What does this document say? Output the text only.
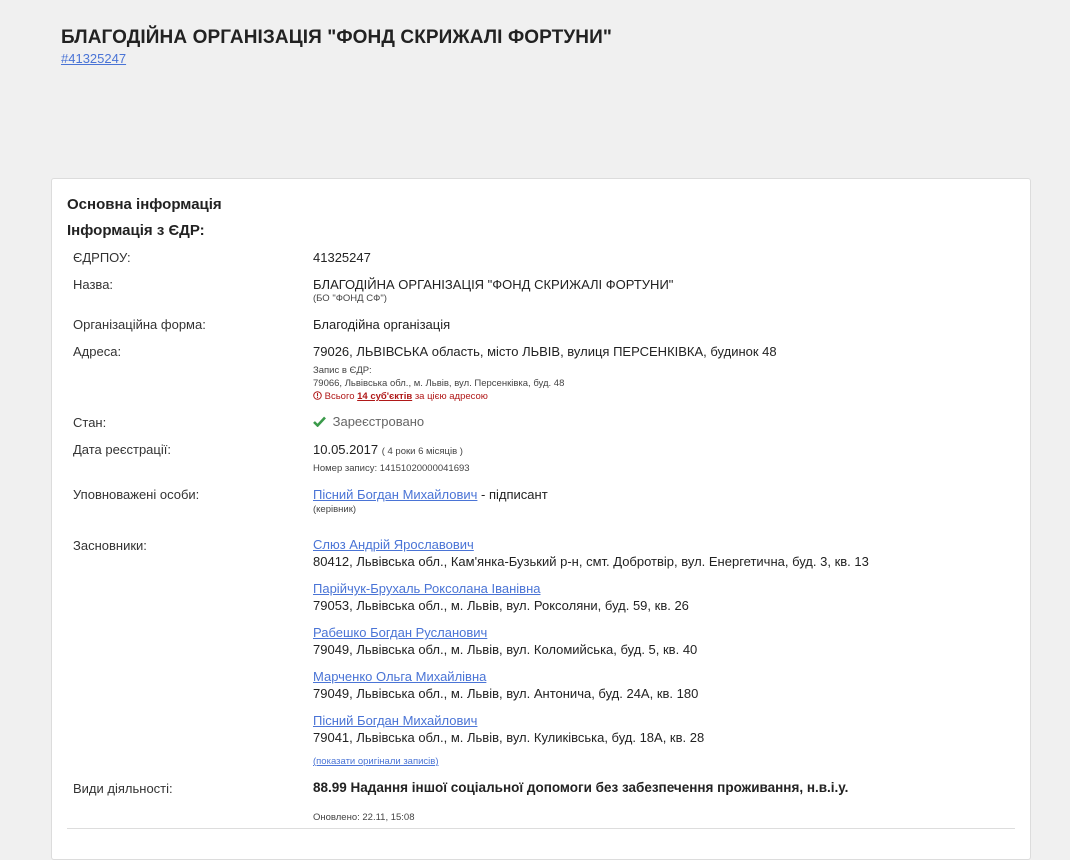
БЛАГОДІЙНА ОРГАНІЗАЦІЯ "ФОНД СКРИЖАЛІ ФОРТУНИ"
#41325247
Основна інформація
Інформація з ЄДР:
ЄДРПОУ:	41325247
Назва:	БЛАГОДІЙНА ОРГАНІЗАЦІЯ "ФОНД СКРИЖАЛІ ФОРТУНИ"
(БО "ФОНД СФ")
Організаційна форма:	Благодійна організація
Адреса:	79026, ЛЬВІВСЬКА область, місто ЛЬВІВ, вулиця ПЕРСЕНКІВКА, будинок 48
Запис в ЄДР:
79066, Львівська обл., м. Львів, вул. Персенківка, буд. 48
Всього 14 суб'єктів за цією адресою
Стан:	Зареєстровано
Дата реєстрації:	10.05.2017 ( 4 роки 6 місяців )
Номер запису: 14151020000041693
Уповноважені особи:	Пісний Богдан Михайлович - підписант
(керівник)
Засновники:	Слюз Андрій Ярославович
80412, Львівська обл., Кам'янка-Бузький р-н, смт. Добротвір, вул. Енергетична, буд. 3, кв. 13
Парійчук-Брухаль Роксолана Іванівна
79053, Львівська обл., м. Львів, вул. Роксоляни, буд. 59, кв. 26
Рабешко Богдан Русланович
79049, Львівська обл., м. Львів, вул. Коломийська, буд. 5, кв. 40
Марченко Ольга Михайлівна
79049, Львівська обл., м. Львів, вул. Антонича, буд. 24А, кв. 180
Пісний Богдан Михайлович
79041, Львівська обл., м. Львів, вул. Куликівська, буд. 18А, кв. 28
(показати оригінали записів)
Види діяльності:	88.99 Надання іншої соціальної допомоги без забезпечення проживання, н.в.і.у.
Оновлено: 22.11, 15:08
